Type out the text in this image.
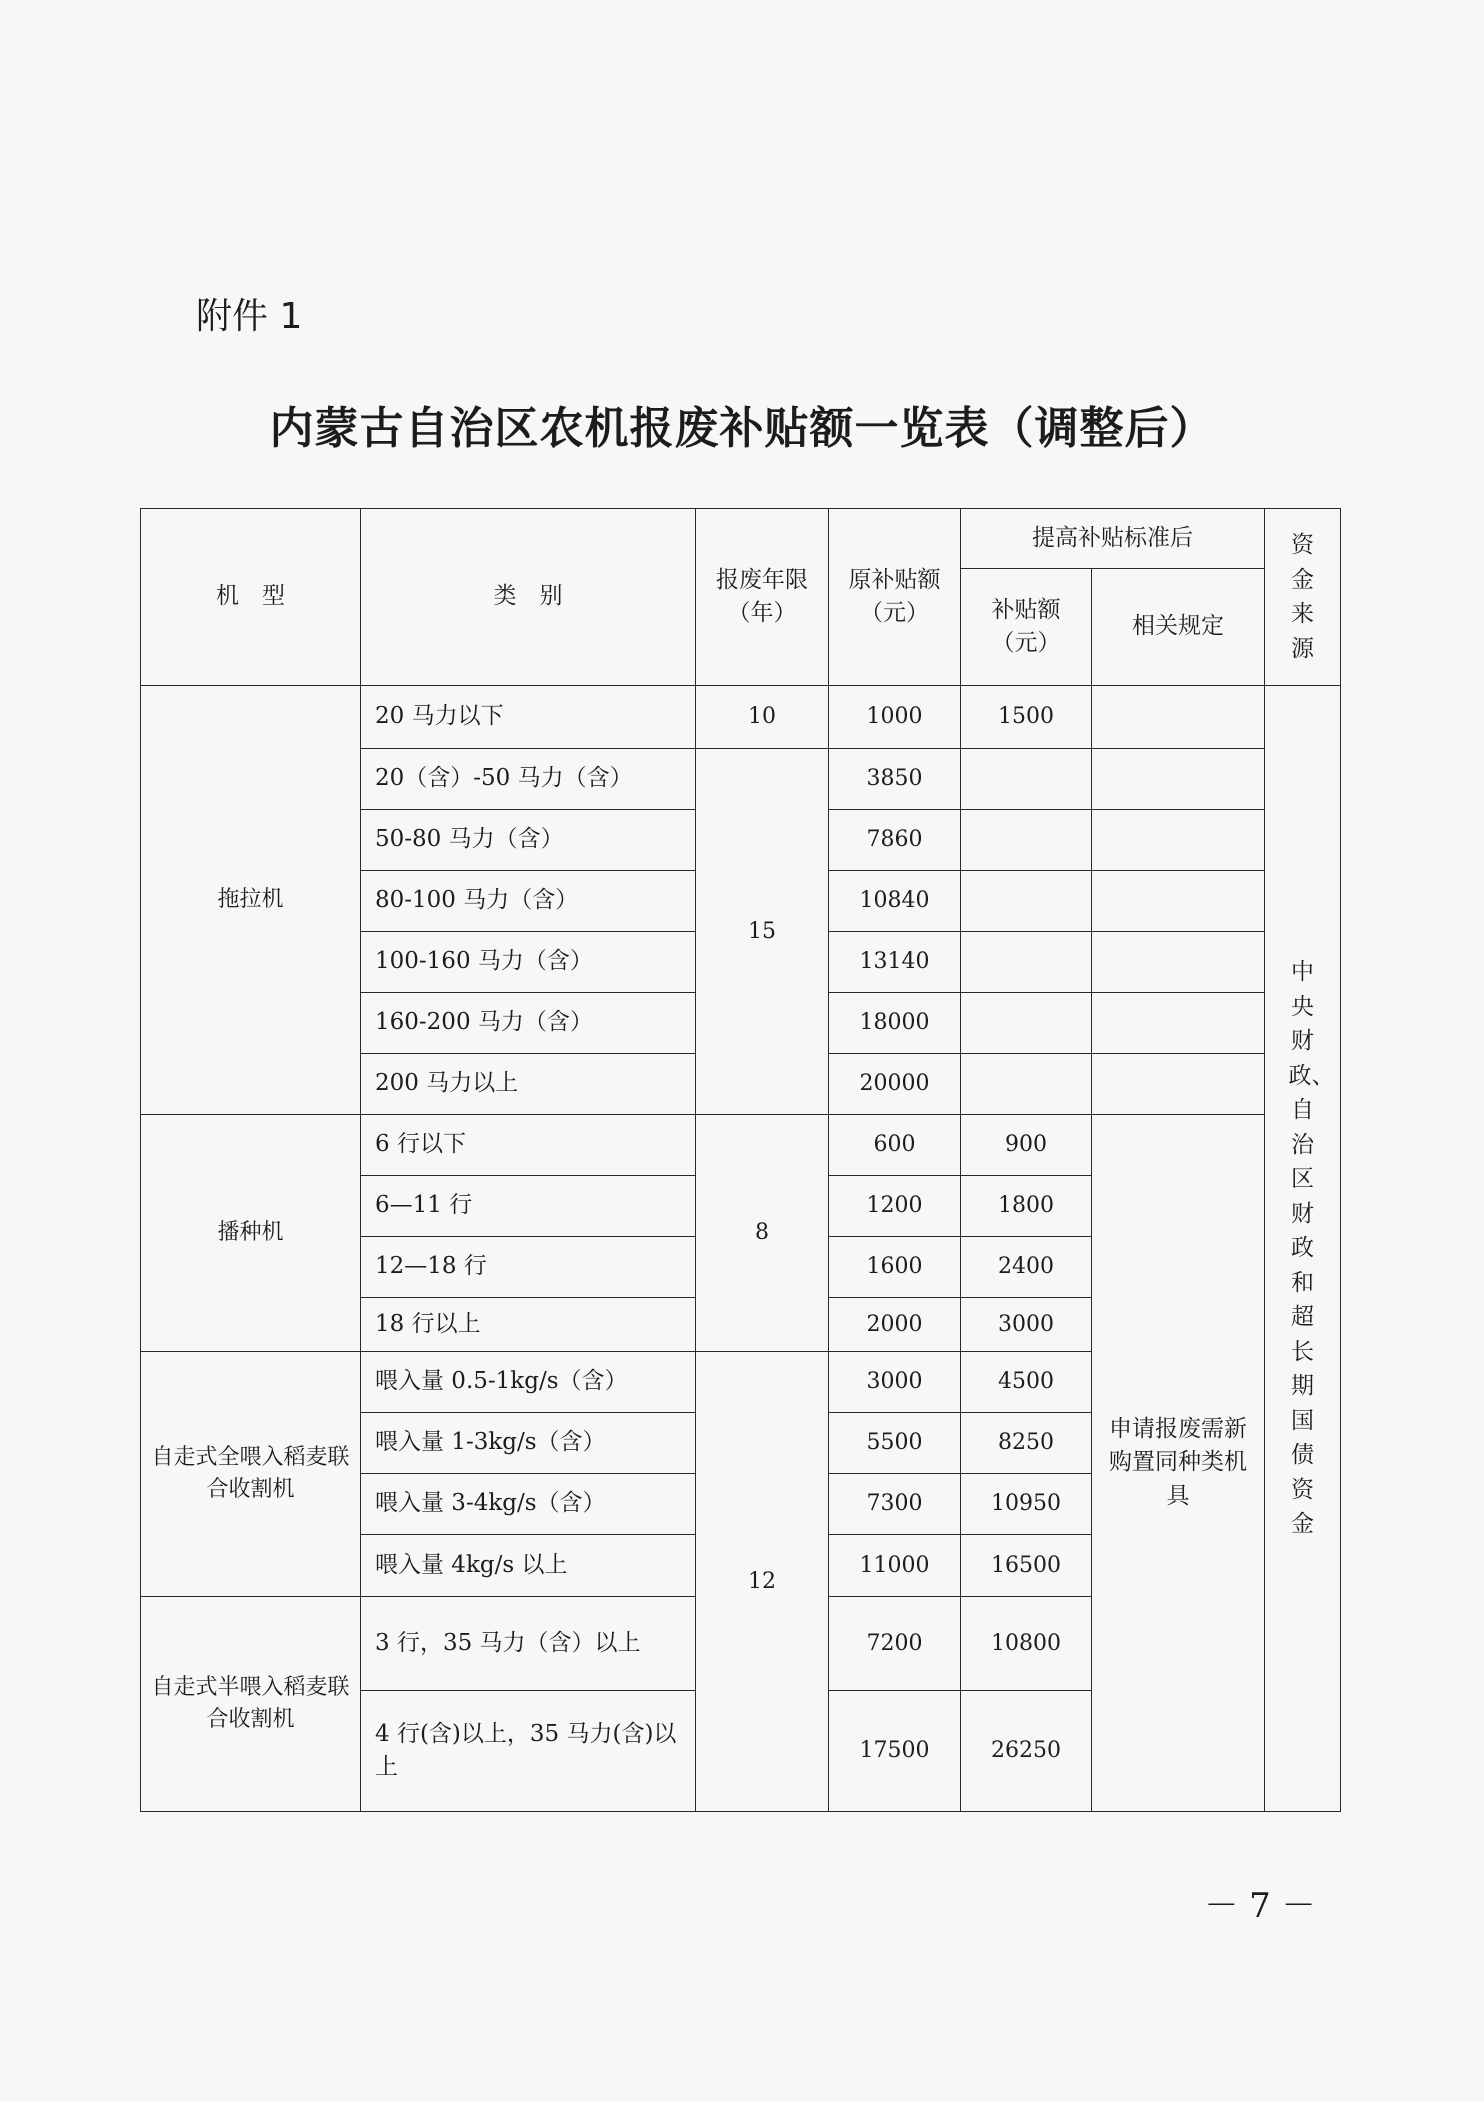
附件 1
内蒙古自治区农机报废补贴额一览表（调整后）
机　型	类　别	报废年限（年）	原补贴额（元）	提高补贴标准后		资金来源

				补贴额（元）	相关规定	
拖拉机	20 马力以下	10	1000	1500		中央财政、自治区财政和超长期国债资金

	20（含）-50 马力（含）	15	3850			
	50-80 马力（含）		7860			
	80-100 马力（含）		10840			
	100-160 马力（含）		13140			
	160-200 马力（含）		18000			
	200 马力以上		20000			
播种机	6 行以下	8	600	900	申请报废需新购置同种类机具	
	6—11 行		1200	1800		
	12—18 行		1600	2400		
	18 行以上		2000	3000		
自走式全喂入稻麦联合收割机	喂入量 0.5-1kg/s（含）	12	3000	4500		
	喂入量 1-3kg/s（含）		5500	8250		
	喂入量 3-4kg/s（含）		7300	10950		
	喂入量 4kg/s 以上		11000	16500		
自走式半喂入稻麦联合收割机	3 行，35 马力（含）以上		7200	10800		
	4 行(含)以上，35 马力(含)以上		17500	26250		
－ 7 －
